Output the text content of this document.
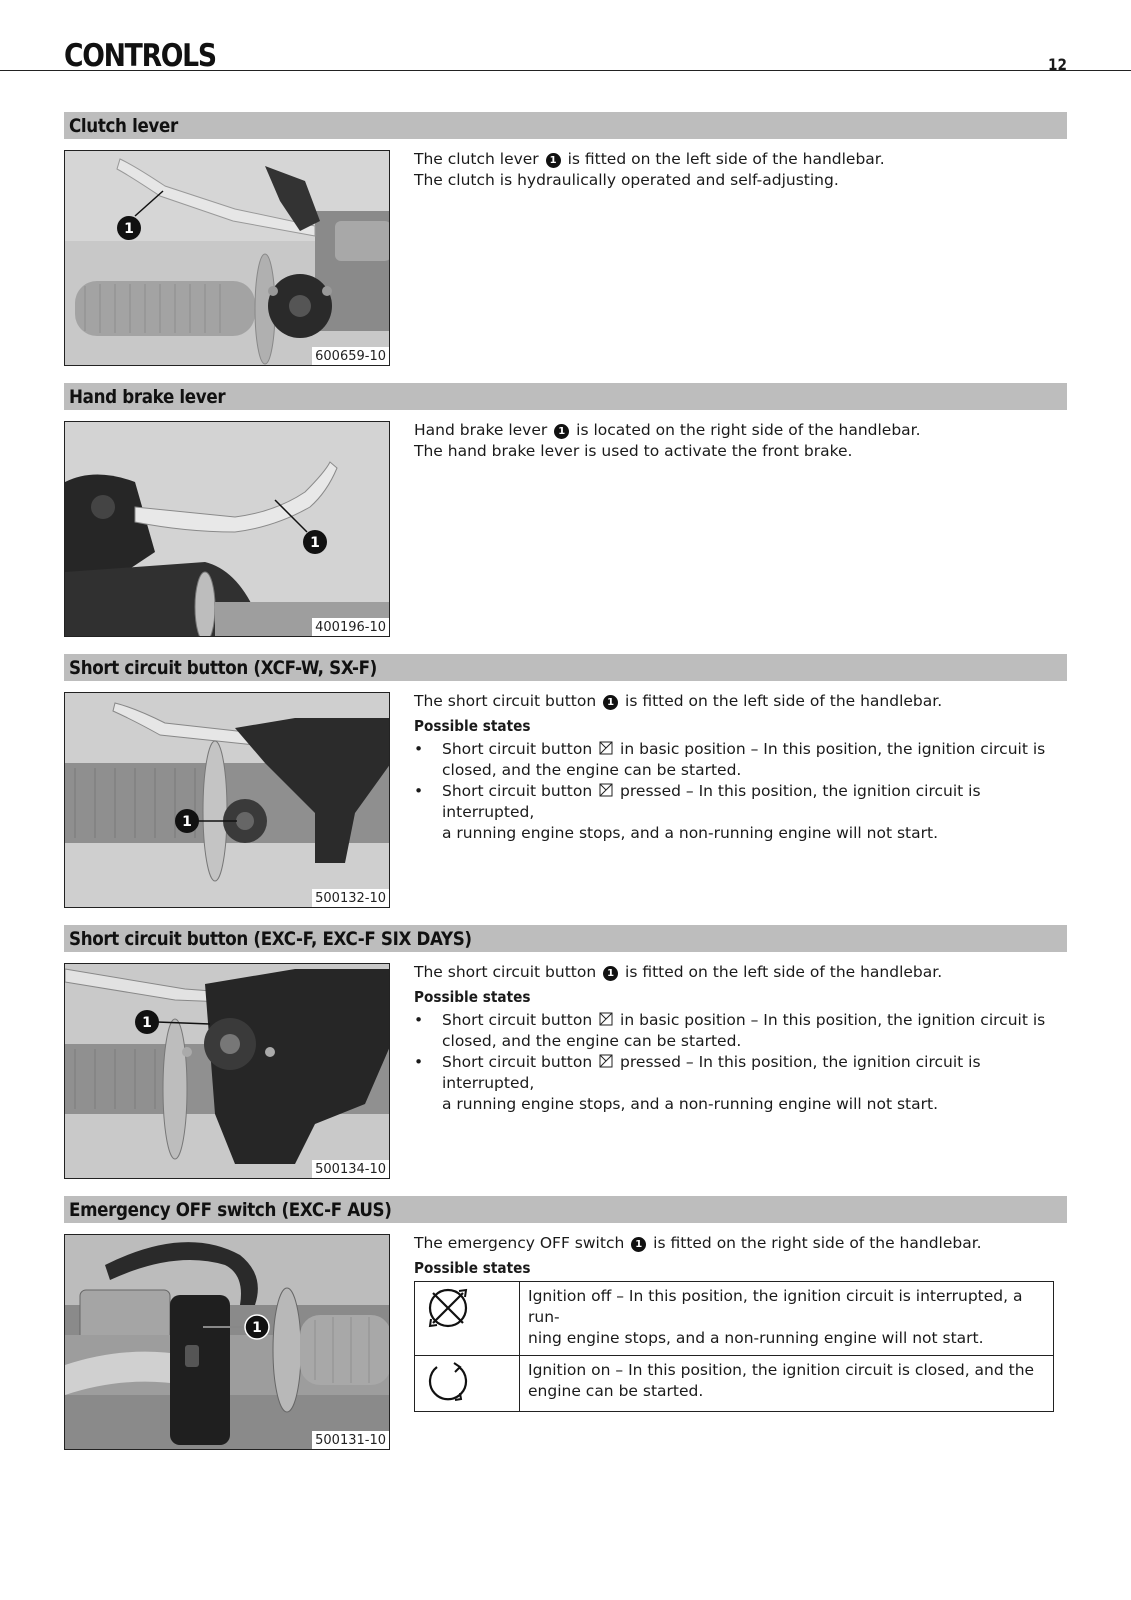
CONTROLS	12
Clutch lever
1
600659-10

The clutch lever 1 is fitted on the left side of the handlebar.

The clutch is hydraulically operated and self-adjusting.

Hand brake lever
1
400196-10

Hand brake lever 1 is located on the right side of the handlebar.

The hand brake lever is used to activate the front brake.

Short circuit button (XCF-W, SX-F)
1
500132-10

The short circuit button 1 is fitted on the left side of the handlebar.

Possible states

• Short circuit button in basic position – In this position, the ignition circuit is
closed, and the engine can be started.
• Short circuit button pressed – In this position, the ignition circuit is interrupted,
a running engine stops, and a non-running engine will not start.
Short circuit button (EXC-F, EXC-F SIX DAYS)
1
500134-10

The short circuit button 1 is fitted on the left side of the handlebar.

Possible states

• Short circuit button in basic position – In this position, the ignition circuit is
closed, and the engine can be started.
• Short circuit button pressed – In this position, the ignition circuit is interrupted,
a running engine stops, and a non-running engine will not start.
Emergency OFF switch (EXC-F AUS)
1
500131-10

The emergency OFF switch 1 is fitted on the right side of the handlebar.

Possible states

	Ignition off – In this position, the ignition circuit is interrupted, a run-
ning engine stops, and a non-running engine will not start.
	Ignition on – In this position, the ignition circuit is closed, and the
engine can be started.
